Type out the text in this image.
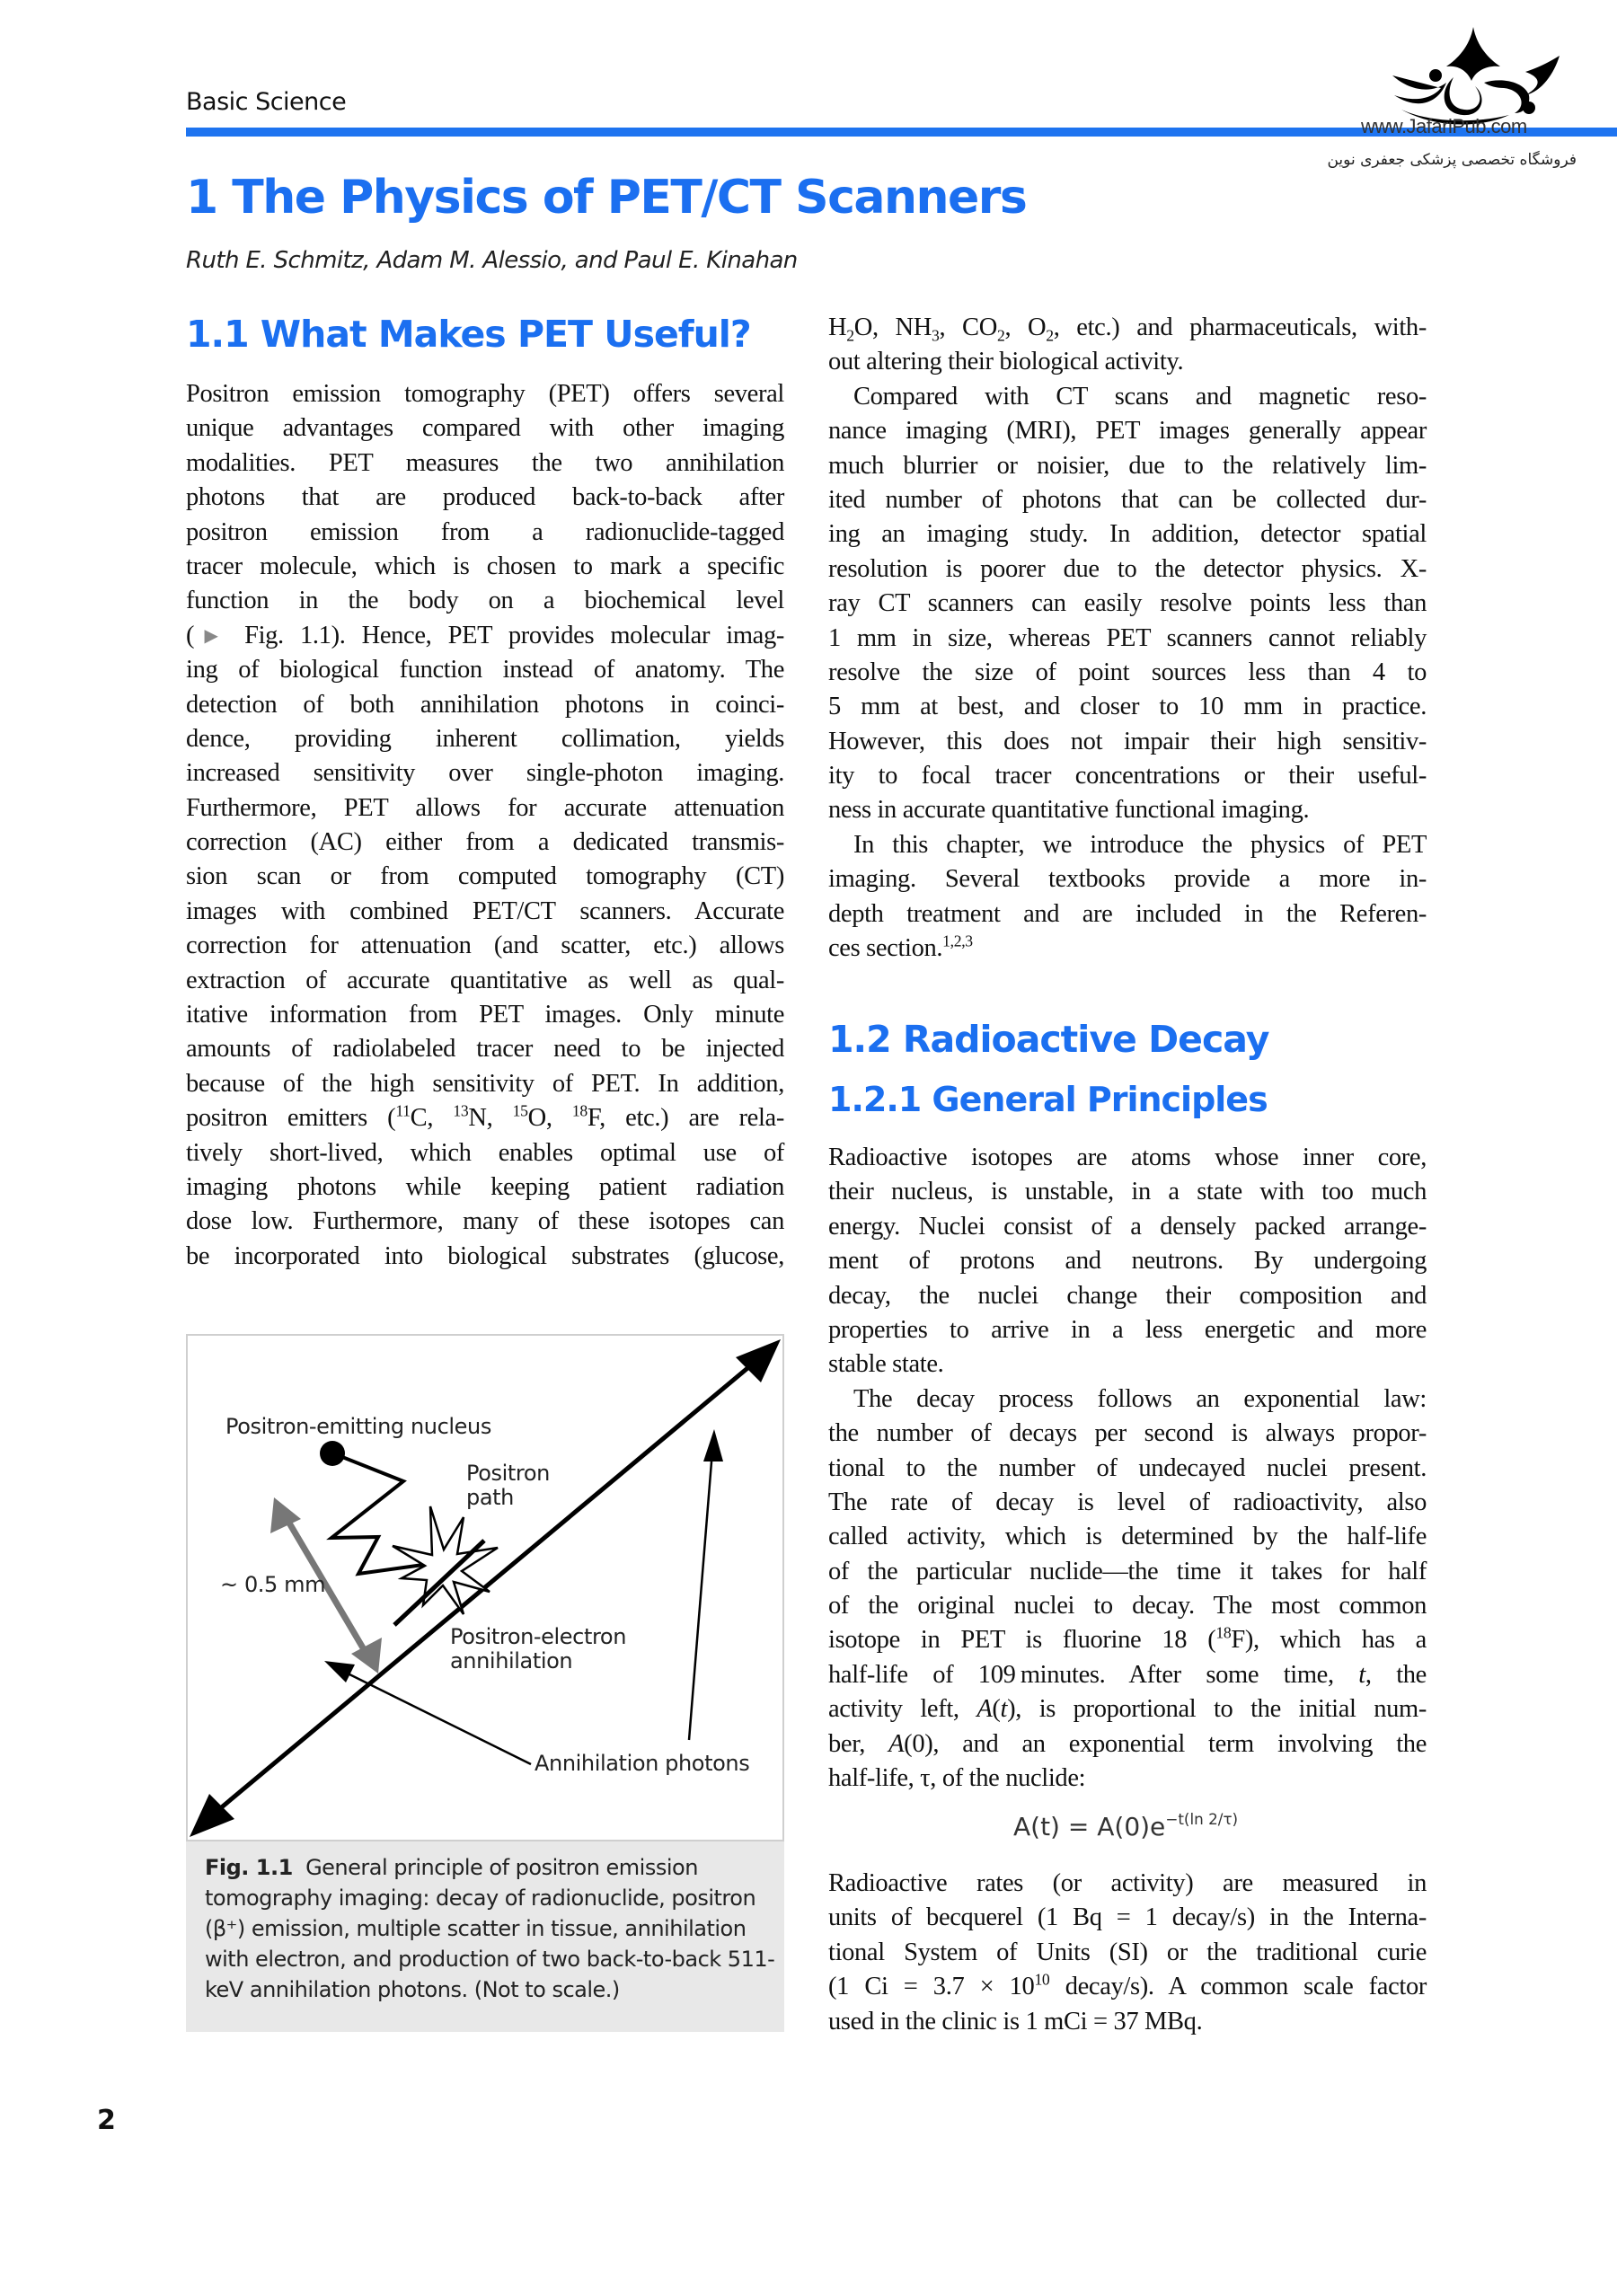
Basic Science
www.JafariPub.com
فروشگاه تخصصی پزشکی جعفری نوین
1 The Physics of PET/CT Scanners
Ruth E. Schmitz, Adam M. Alessio, and Paul E. Kinahan
1.1 What Makes PET Useful?
Positron emission tomography (PET) offers several
unique advantages compared with other imaging
modalities. PET measures the two annihilation
photons that are produced back-to-back after
positron emission from a radionuclide-tagged
tracer molecule, which is chosen to mark a specific
function in the body on a biochemical level
(▶ Fig. 1.1). Hence, PET provides molecular imag-
ing of biological function instead of anatomy. The
detection of both annihilation photons in coinci-
dence, providing inherent collimation, yields
increased sensitivity over single-photon imaging.
Furthermore, PET allows for accurate attenuation
correction (AC) either from a dedicated transmis-
sion scan or from computed tomography (CT)
images with combined PET/CT scanners. Accurate
correction for attenuation (and scatter, etc.) allows
extraction of accurate quantitative as well as qual-
itative information from PET images. Only minute
amounts of radiolabeled tracer need to be injected
because of the high sensitivity of PET. In addition,
positron emitters ($^{11}$C, $^{13}$N, $^{15}$O, $^{18}$F, etc.) are rela-
tively short-lived, which enables optimal use of
imaging photons while keeping patient radiation
dose low. Furthermore, many of these isotopes can
be incorporated into biological substrates (glucose,
Positron-emitting nucleus
Positron
path
~ 0.5 mm
Positron-electron
annihilation
Annihilation photons
Fig. 1.1 General principle of positron emission
tomography imaging: decay of radionuclide, positron
(β⁺) emission, multiple scatter in tissue, annihilation
with electron, and production of two back-to-back 511-
keV annihilation photons. (Not to scale.)
$H_2O$, $NH_3$, $CO_2$, $O_2$, etc.) and pharmaceuticals, with-
out altering their biological activity.
Compared with CT scans and magnetic reso-
nance imaging (MRI), PET images generally appear
much blurrier or noisier, due to the relatively lim-
ited number of photons that can be collected dur-
ing an imaging study. In addition, detector spatial
resolution is poorer due to the detector physics. X-
ray CT scanners can easily resolve points less than
1 mm in size, whereas PET scanners cannot reliably
resolve the size of point sources less than 4 to
5 mm at best, and closer to 10 mm in practice.
However, this does not impair their high sensitiv-
ity to focal tracer concentrations or their useful-
ness in accurate quantitative functional imaging.
In this chapter, we introduce the physics of PET
imaging. Several textbooks provide a more in-
depth treatment and are included in the Referen-
ces section.$^{1,2,3}$
1.2 Radioactive Decay
1.2.1 General Principles
Radioactive isotopes are atoms whose inner core,
their nucleus, is unstable, in a state with too much
energy. Nuclei consist of a densely packed arrange-
ment of protons and neutrons. By undergoing
decay, the nuclei change their composition and
properties to arrive in a less energetic and more
stable state.
The decay process follows an exponential law:
the number of decays per second is always propor-
tional to the number of undecayed nuclei present.
The rate of decay is level of radioactivity, also
called activity, which is determined by the half-life
of the particular nuclide—the time it takes for half
of the original nuclei to decay. The most common
isotope in PET is fluorine 18 ($^{18}$F), which has a
half-life of 109 minutes. After some time, t, the
activity left, A(t), is proportional to the initial num-
ber, A(0), and an exponential term involving the
half-life, τ, of the nuclide:
$A(t) = A(0)e^{-t(ln 2/\tau)}$
Radioactive rates (or activity) are measured in
units of becquerel (1 Bq = 1 decay/s) in the Interna-
tional System of Units (SI) or the traditional curie
(1 $Ci = 3.7 \times 10^{10}$ decay/s). A common scale factor
used in the clinic is 1 mCi = 37 MBq.
2
